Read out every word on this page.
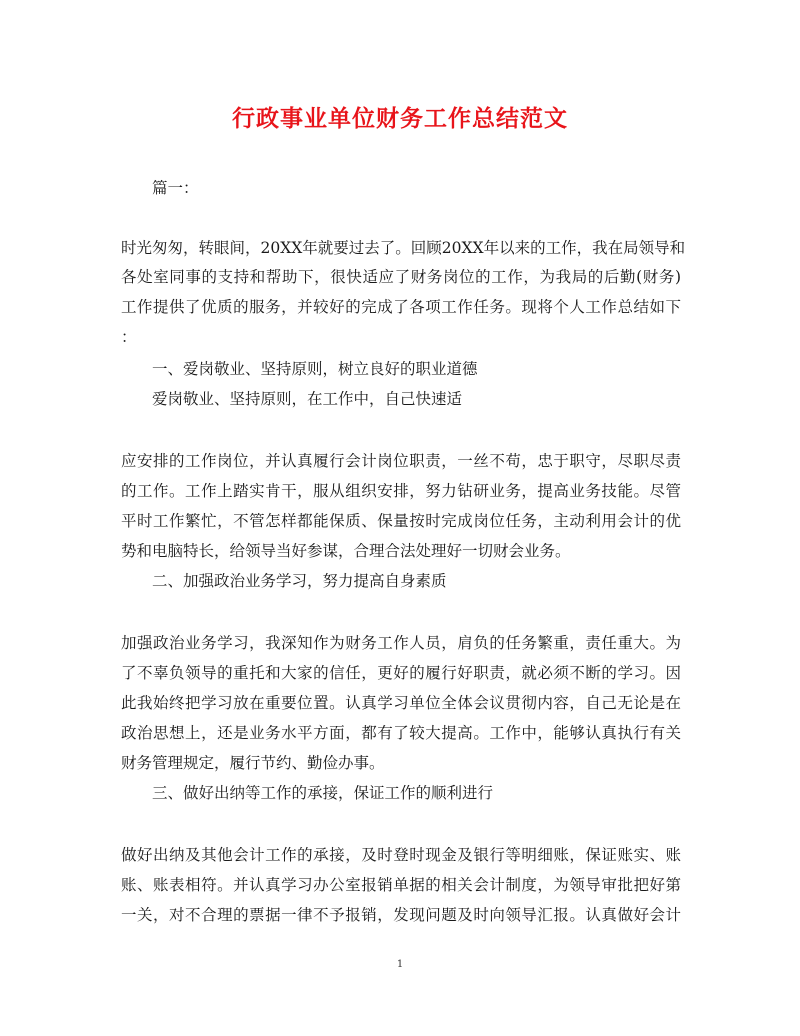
行政事业单位财务工作总结范文
篇一：
时光匆匆，转眼间，20XX年就要过去了。回顾20XX年以来的工作，我在局领导和
各处室同事的支持和帮助下，很快适应了财务岗位的工作，为我局的后勤(财务)
工作提供了优质的服务，并较好的完成了各项工作任务。现将个人工作总结如下
：
一、爱岗敬业、坚持原则，树立良好的职业道德
爱岗敬业、坚持原则，在工作中，自己快速适
应安排的工作岗位，并认真履行会计岗位职责，一丝不苟，忠于职守，尽职尽责
的工作。工作上踏实肯干，服从组织安排，努力钻研业务，提高业务技能。尽管
平时工作繁忙，不管怎样都能保质、保量按时完成岗位任务，主动利用会计的优
势和电脑特长，给领导当好参谋，合理合法处理好一切财会业务。
二、加强政治业务学习，努力提高自身素质
加强政治业务学习，我深知作为财务工作人员，肩负的任务繁重，责任重大。为
了不辜负领导的重托和大家的信任，更好的履行好职责，就必须不断的学习。因
此我始终把学习放在重要位置。认真学习单位全体会议贯彻内容，自己无论是在
政治思想上，还是业务水平方面，都有了较大提高。工作中，能够认真执行有关
财务管理规定，履行节约、勤俭办事。
三、做好出纳等工作的承接，保证工作的顺利进行
做好出纳及其他会计工作的承接，及时登时现金及银行等明细账，保证账实、账
账、账表相符。并认真学习办公室报销单据的相关会计制度，为领导审批把好第
一关，对不合理的票据一律不予报销，发现问题及时向领导汇报。认真做好会计
1
